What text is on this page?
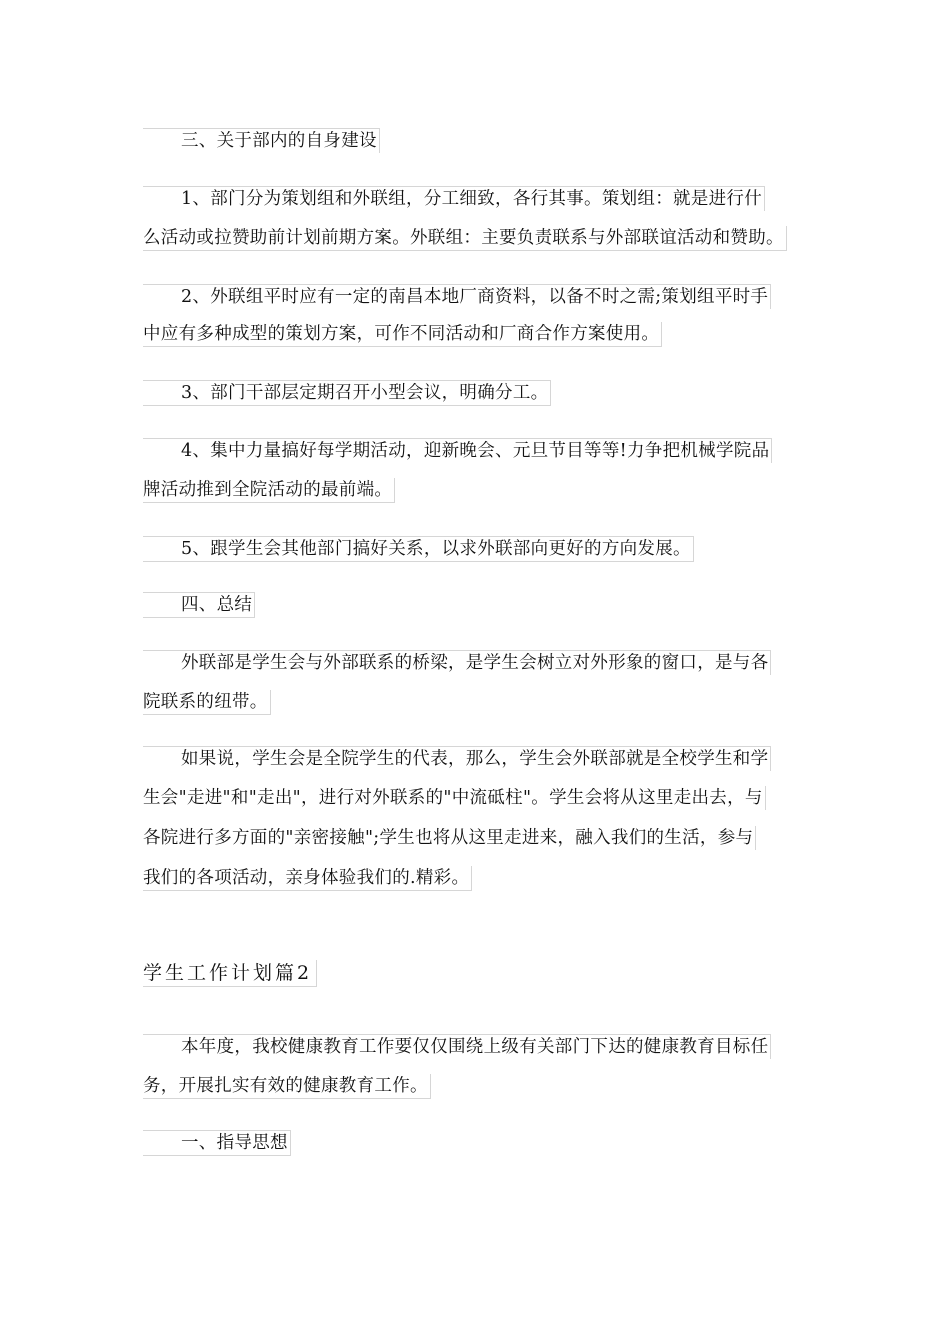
三、关于部内的自身建设
1、部门分为策划组和外联组，分工细致，各行其事。策划组：就是进行什
么活动或拉赞助前计划前期方案。外联组：主要负责联系与外部联谊活动和赞助。
2、外联组平时应有一定的南昌本地厂商资料，以备不时之需;策划组平时手
中应有多种成型的策划方案，可作不同活动和厂商合作方案使用。
3、部门干部层定期召开小型会议，明确分工。
4、集中力量搞好每学期活动，迎新晚会、元旦节目等等!力争把机械学院品
牌活动推到全院活动的最前端。
5、跟学生会其他部门搞好关系，以求外联部向更好的方向发展。
四、总结
外联部是学生会与外部联系的桥梁，是学生会树立对外形象的窗口，是与各
院联系的纽带。
如果说，学生会是全院学生的代表，那么，学生会外联部就是全校学生和学
生会"走进"和"走出"，进行对外联系的"中流砥柱"。学生会将从这里走出去，与
各院进行多方面的"亲密接触";学生也将从这里走进来，融入我们的生活，参与
我们的各项活动，亲身体验我们的.精彩。
学生工作计划篇2
本年度，我校健康教育工作要仅仅围绕上级有关部门下达的健康教育目标任
务，开展扎实有效的健康教育工作。
一、指导思想
